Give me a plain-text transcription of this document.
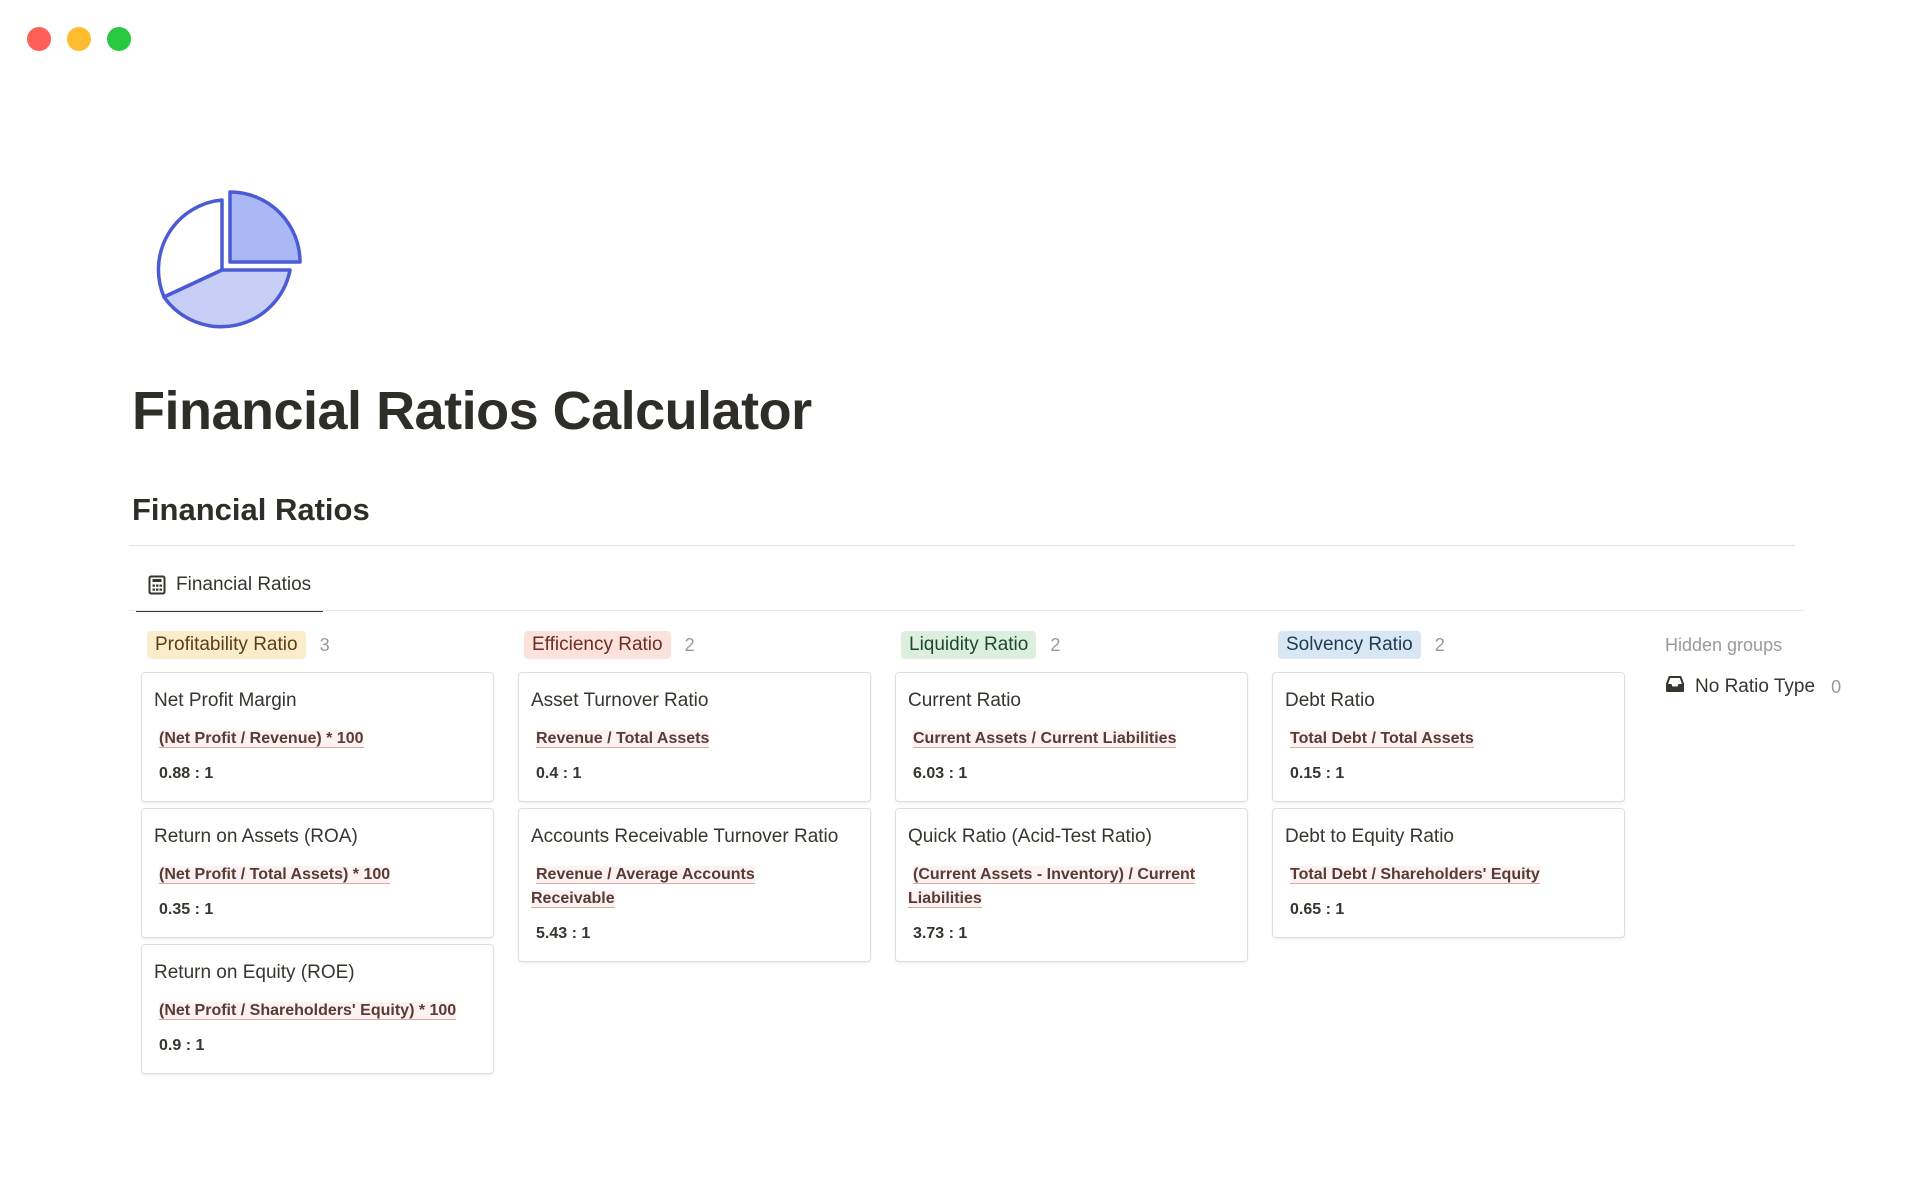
Financial Ratios Calculator
Financial Ratios
Financial Ratios
Profitability Ratio	3
Net Profit Margin
(Net Profit / Revenue) * 100
0.88 : 1
Return on Assets (ROA)
(Net Profit / Total Assets) * 100
0.35 : 1
Return on Equity (ROE)
(Net Profit / Shareholders' Equity) * 100
0.9 : 1
Efficiency Ratio	2
Asset Turnover Ratio
Revenue / Total Assets
0.4 : 1
Accounts Receivable Turnover Ratio
Revenue / Average Accounts Receivable
5.43 : 1
Liquidity Ratio	2
Current Ratio
Current Assets / Current Liabilities
6.03 : 1
Quick Ratio (Acid-Test Ratio)
(Current Assets - Inventory) / Current Liabilities
3.73 : 1
Solvency Ratio	2
Debt Ratio
Total Debt / Total Assets
0.15 : 1
Debt to Equity Ratio
Total Debt / Shareholders' Equity
0.65 : 1
Hidden groups
No Ratio Type 0
